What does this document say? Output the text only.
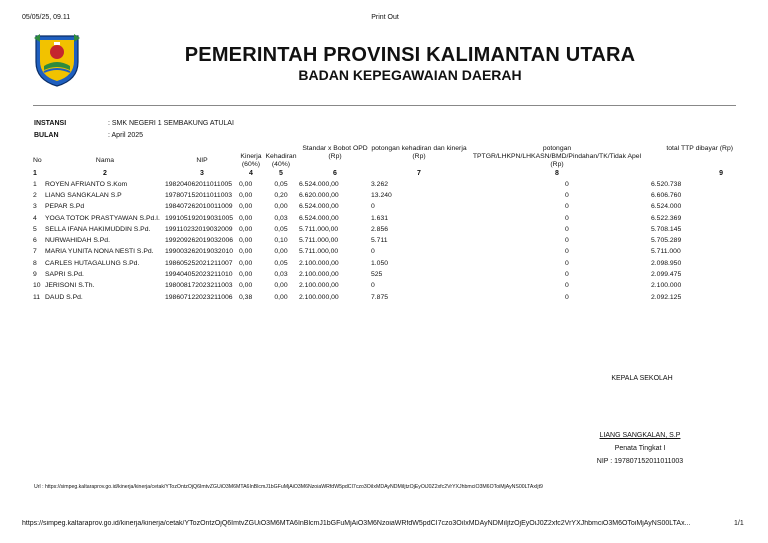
05/05/25, 09.11	Print Out
PEMERINTAH PROVINSI KALIMANTAN UTARA
BADAN KEPEGAWAIAN DAERAH
INSTANSI	: SMK NEGERI 1 SEMBAKUNG ATULAI
BULAN	: April 2025
No	Nama	NIP	Kinerja (60%)	Kehadiran (40%)	Standar x Bobot OPD (Rp)	potongan kehadiran dan kinerja (Rp)	potongan TPTGR/LHKPN/LHKASN/BMD/Pindahan/TK/Tidak Apel (Rp)	total TTP dibayar (Rp)
1	2	3	4	5	6	7	8	9
1	ROYEN AFRIANTO S.Kom	198204062011011005	0,00	0,05	6.524.000,00	3.262	0	6.520.738
2	LIANG SANGKALAN S.P	197807152011011003	0,00	0,20	6.620.000,00	13.240	0	6.606.760
3	PEPAR S.Pd	198407262010011009	0,00	0,00	6.524.000,00	0	0	6.524.000
4	YOGA TOTOK PRASTYAWAN S.Pd.I.	199105192019031005	0,00	0,03	6.524.000,00	1.631	0	6.522.369
5	SELLA IFANA HAKIMUDDIN S.Pd.	199110232019032009	0,00	0,05	5.711.000,00	2.856	0	5.708.145
6	NURWAHIDAH S.Pd.	199209262019032006	0,00	0,10	5.711.000,00	5.711	0	5.705.289
7	MARIA YUNITA NONA NESTI S.Pd.	199003262019032010	0,00	0,00	5.711.000,00	0	0	5.711.000
8	CARLES HUTAGALUNG S.Pd.	198605252021211007	0,00	0,05	2.100.000,00	1.050	0	2.098.950
9	SAPRI S.Pd.	199404052023211010	0,00	0,03	2.100.000,00	525	0	2.099.475
10	JERISONI S.Th.	198008172023211003	0,00	0,00	2.100.000,00	0	0	2.100.000
11	DAUD S.Pd.	198607122023211006	0,38	0,00	2.100.000,00	7.875	0	2.092.125
KEPALA SEKOLAH
LIANG SANGKALAN, S.P
Penata Tingkat I
NIP : 197807152011011003
Url : https://simpeg.kaltaraprov.go.id/kinerja/kinerja/cetak/YTozOntzOjQ6ImtvZGUiO3M6MTA6InBlcmJ1bGFuMjAiO3M6NzoiaWRfdW5pdCI7czo3OiIxMDAyNDMiIjtzOjEyOiJ0Z2xfc2VrYXJhbmciO3M6OToiMjAyNS00LTAxIjt9
https://simpeg.kaltaraprov.go.id/kinerja/kinerja/cetak/YTozOntzOjQ6ImtvZGUiO3M6MTA6InBlcmJ1bGFuMjAiO3M6NzoiaWRfdW5pdCI7czo3OiIxMDAyNDMiIjtzOjEyOiJ0Z2xfc2VrYXJhbmciO3M6OToiMjAyNS00LTAx...	1/1
